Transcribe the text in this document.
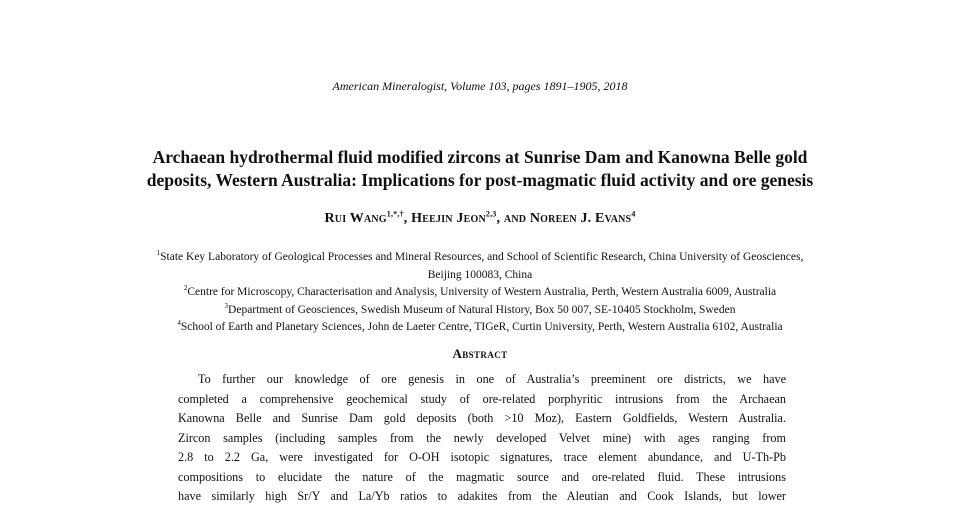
American Mineralogist, Volume 103, pages 1891–1905, 2018
Archaean hydrothermal fluid modified zircons at Sunrise Dam and Kanowna Belle gold
deposits, Western Australia: Implications for post-magmatic fluid activity and ore genesis
Rui Wang$^{1,*,\dagger}$, Heejin Jeon$^{2,3}$, and Noreen J. Evans$^4$

$^1$State Key Laboratory of Geological Processes and Mineral Resources, and School of Scientific Research, China University of Geosciences,
Beijing 100083, China

$^2$Centre for Microscopy, Characterisation and Analysis, University of Western Australia, Perth, Western Australia 6009, Australia

$^3$Department of Geosciences, Swedish Museum of Natural History, Box 50 007, SE-10405 Stockholm, Sweden

$^4$School of Earth and Planetary Sciences, John de Laeter Centre, TIGeR, Curtin University, Perth, Western Australia 6102, Australia

Abstract
To further our knowledge of ore genesis in one of Australia’s preeminent ore districts, we have
completed a comprehensive geochemical study of ore-related porphyritic intrusions from the Archaean
Kanowna Belle and Sunrise Dam gold deposits (both >10 Moz), Eastern Goldfields, Western Australia.
Zircon samples (including samples from the newly developed Velvet mine) with ages ranging from
2.8 to 2.2 Ga, were investigated for O-OH isotopic signatures, trace element abundance, and U-Th-Pb
compositions to elucidate the nature of the magmatic source and ore-related fluid. These intrusions
have similarly high Sr/Y and La/Yb ratios to adakites from the Aleutian and Cook Islands, but lower
